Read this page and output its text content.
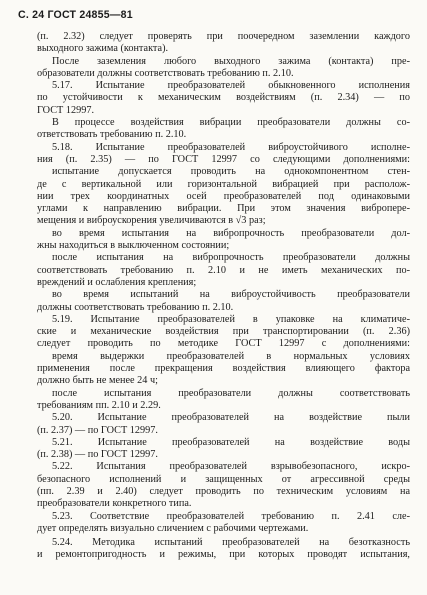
С. 24 ГОСТ 24855—81
(п. 2.32) следует проверять при поочередном заземлении каждого
выходного зажима (контакта).
После заземления любого выходного зажима (контакта) пре-
образователи должны соответствовать требованию п. 2.10.
5.17. Испытание преобразователей обыкновенного исполнения
по устойчивости к механическим воздействиям (п. 2.34) — по
ГОСТ 12997.
В процессе воздействия вибрации преобразователи должны со-
ответствовать требованию п. 2.10.
5.18. Испытание преобразователей виброустойчивого исполне-
ния (п. 2.35) — по ГОСТ 12997 со следующими дополнениями:
испытание допускается проводить на однокомпонентном стен-
де с вертикальной или горизонтальной вибрацией при располож-
нии трех координатных осей преобразователей под одинаковыми
углами к направлению вибрации. При этом значения вибропере-
мещения и виброускорения увеличиваются в √3 раз;
во время испытания на вибропрочность преобразователи дол-
жны находиться в выключенном состоянии;
после испытания на вибропрочность преобразователи должны
соответствовать требованию п. 2.10 и не иметь механических по-
вреждений и ослабления крепления;
во время испытаний на виброустойчивость преобразователи
должны соответствовать требованию п. 2.10.
5.19. Испытание преобразователей в упаковке на климатиче-
ские и механические воздействия при транспортировании (п. 2.36)
следует проводить по методике ГОСТ 12997 с дополнениями:
время выдержки преобразователей в нормальных условиях
применения после прекращения воздействия влияющего фактора
должно быть не менее 24 ч;
после испытания преобразователи должны соответствовать
требованиям пп. 2.10 и 2.29.
5.20. Испытание преобразователей на воздействие пыли
(п. 2.37) — по ГОСТ 12997.
5.21. Испытание преобразователей на воздействие воды
(п. 2.38) — по ГОСТ 12997.
5.22. Испытания преобразователей взрывобезопасного, искро-
безопасного исполнений и защищенных от агрессивной среды
(пп. 2.39 и 2.40) следует проводить по техническим условиям на
преобразователи конкретного типа.
5.23. Соответствие преобразователей требованию п. 2.41 сле-
дует определять визуально сличением с рабочими чертежами.
5.24. Методика испытаний преобразователей на безотказность
и ремонтопригодность и режимы, при которых проводят испытания,
